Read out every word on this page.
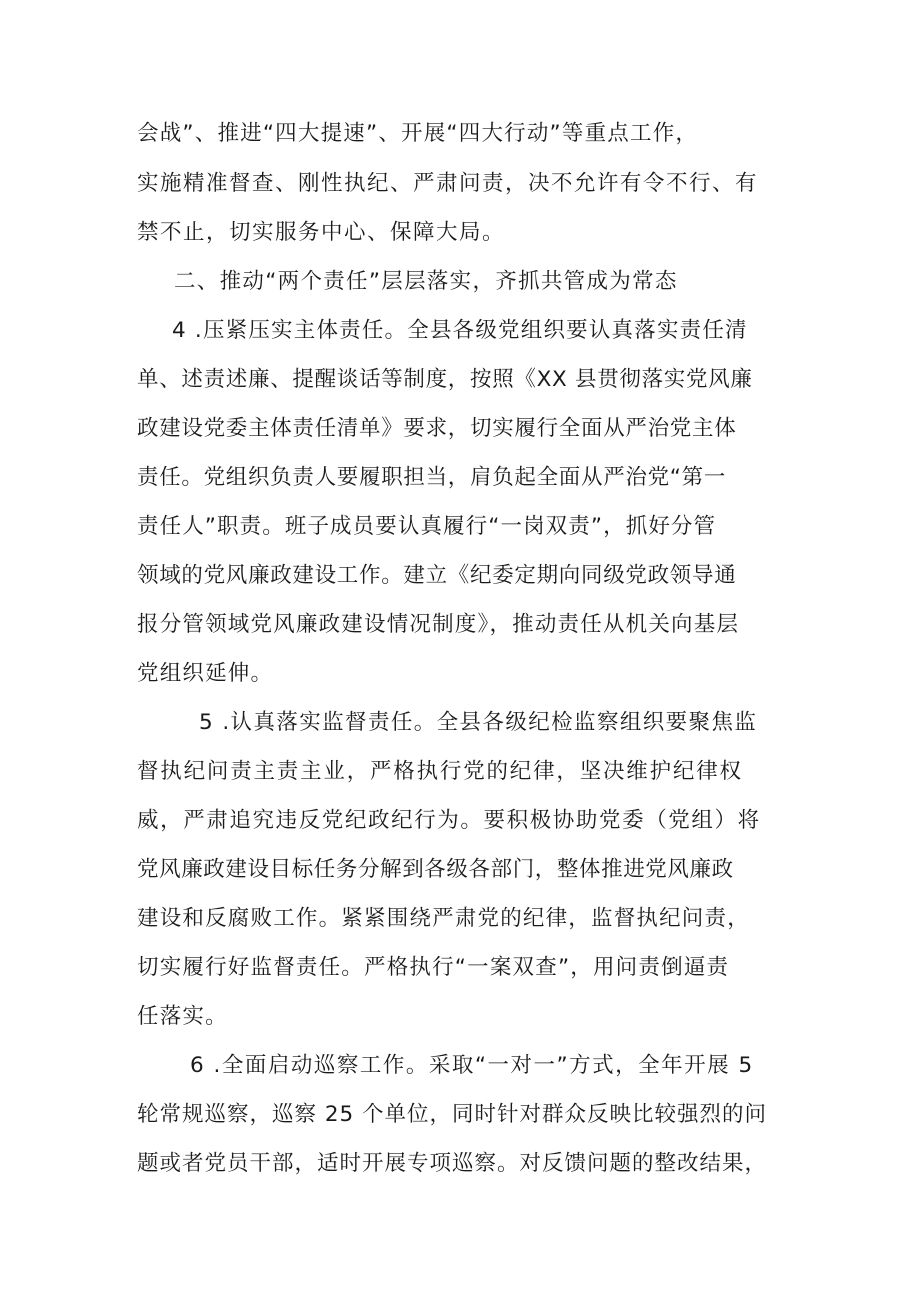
会战”、推进“四大提速”、开展“四大行动”等重点工作，
实施精准督查、刚性执纪、严肃问责，决不允许有令不行、有
禁不止，切实服务中心、保障大局。
二、推动“两个责任”层层落实，齐抓共管成为常态
4 .压紧压实主体责任。全县各级党组织要认真落实责任清
单、述责述廉、提醒谈话等制度，按照《XX 县贯彻落实党风廉
政建设党委主体责任清单》要求，切实履行全面从严治党主体
责任。党组织负责人要履职担当，肩负起全面从严治党“第一
责任人”职责。班子成员要认真履行“一岗双责”，抓好分管
领域的党风廉政建设工作。建立《纪委定期向同级党政领导通
报分管领域党风廉政建设情况制度》，推动责任从机关向基层
党组织延伸。
5 .认真落实监督责任。全县各级纪检监察组织要聚焦监
督执纪问责主责主业，严格执行党的纪律，坚决维护纪律权
威，严肃追究违反党纪政纪行为。要积极协助党委（党组）将
党风廉政建设目标任务分解到各级各部门，整体推进党风廉政
建设和反腐败工作。紧紧围绕严肃党的纪律，监督执纪问责，
切实履行好监督责任。严格执行“一案双查”，用问责倒逼责
任落实。
6 .全面启动巡察工作。采取“一对一”方式，全年开展 5
轮常规巡察，巡察 25 个单位，同时针对群众反映比较强烈的问
题或者党员干部，适时开展专项巡察。对反馈问题的整改结果，
